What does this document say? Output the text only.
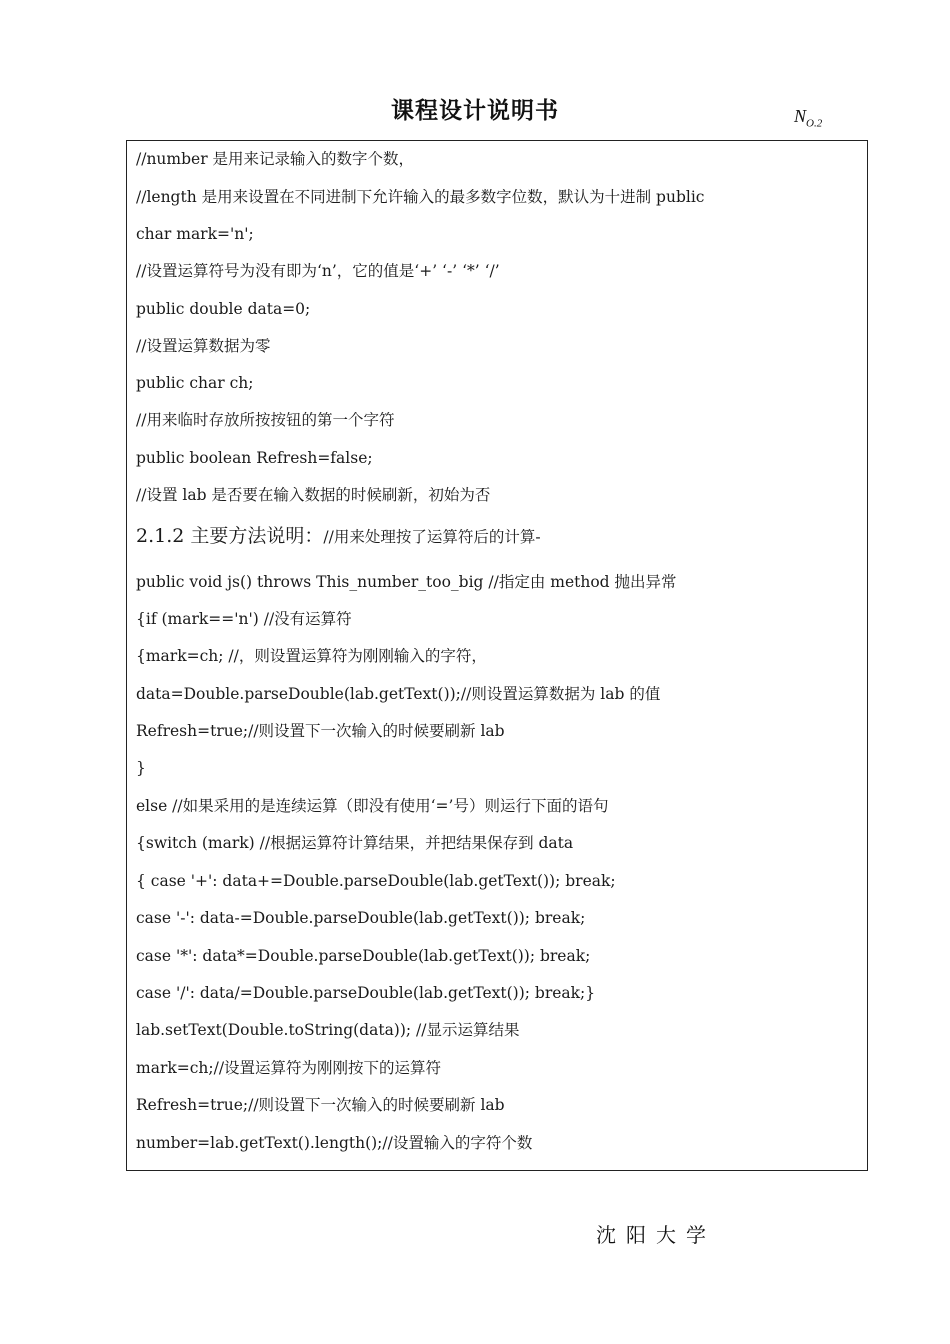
课程设计说明书	$N_{O.2}$
//number 是用来记录输入的数字个数，
//length 是用来设置在不同进制下允许输入的最多数字位数，默认为十进制 public
char mark='n';
//设置运算符号为没有即为‘n’，它的值是‘+’ ‘-’ ‘*’ ‘/’
public double data=0;
//设置运算数据为零
public char ch;
//用来临时存放所按按钮的第一个字符
public boolean Refresh=false;
//设置 lab 是否要在输入数据的时候刷新，初始为否
2.1.2 主要方法说明：//用来处理按了运算符后的计算-
public void js() throws This_number_too_big //指定由 method 抛出异常
{if (mark=='n') //没有运算符
{mark=ch; //，则设置运算符为刚刚输入的字符，
data=Double.parseDouble(lab.getText());//则设置运算数据为 lab 的值
Refresh=true;//则设置下一次输入的时候要刷新 lab
}
else //如果采用的是连续运算（即没有使用‘=’号）则运行下面的语句
{switch (mark) //根据运算符计算结果，并把结果保存到 data
{ case '+': data+=Double.parseDouble(lab.getText()); break;
case '-': data-=Double.parseDouble(lab.getText()); break;
case '*': data*=Double.parseDouble(lab.getText()); break;
case '/': data/=Double.parseDouble(lab.getText()); break;}
lab.setText(Double.toString(data)); //显示运算结果
mark=ch;//设置运算符为刚刚按下的运算符
Refresh=true;//则设置下一次输入的时候要刷新 lab
number=lab.getText().length();//设置输入的字符个数
沈阳大学
